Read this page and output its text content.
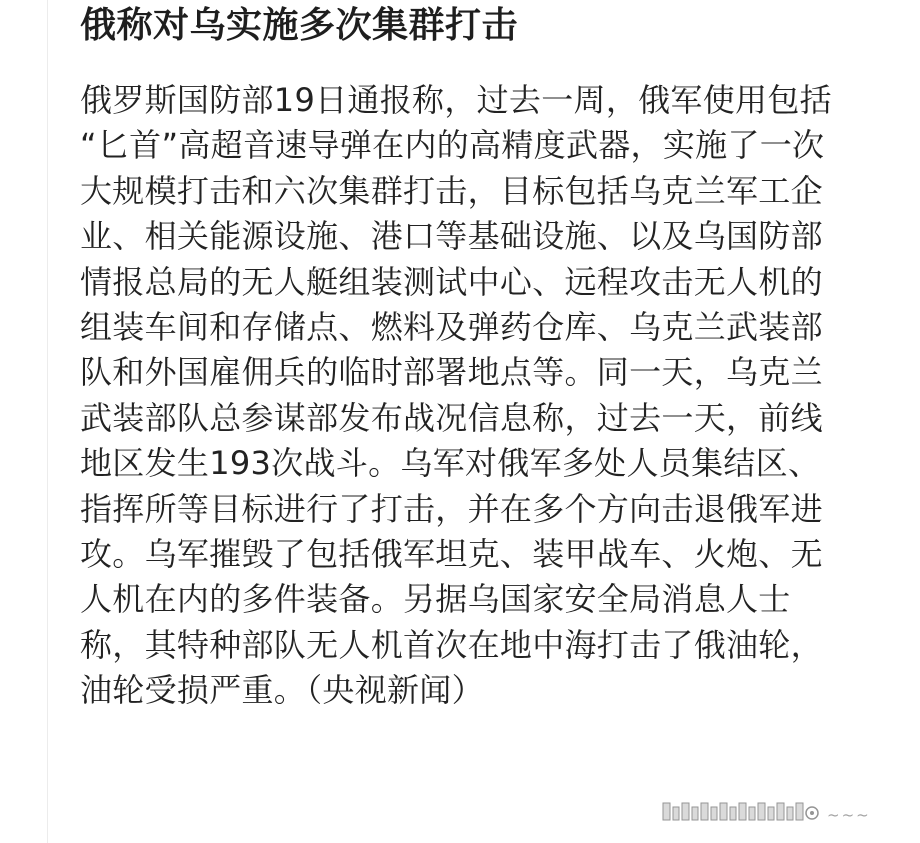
俄称对乌实施多次集群打击
俄罗斯国防部19日通报称，过去一周，俄军使用包括
“匕首”高超音速导弹在内的高精度武器，实施了一次
大规模打击和六次集群打击，目标包括乌克兰军工企
业、相关能源设施、港口等基础设施、以及乌国防部
情报总局的无人艇组装测试中心、远程攻击无人机的
组装车间和存储点、燃料及弹药仓库、乌克兰武装部
队和外国雇佣兵的临时部署地点等。同一天，乌克兰
武装部队总参谋部发布战况信息称，过去一天，前线
地区发生193次战斗。乌军对俄军多处人员集结区、
指挥所等目标进行了打击，并在多个方向击退俄军进
攻。乌军摧毁了包括俄军坦克、装甲战车、火炮、无
人机在内的多件装备。另据乌国家安全局消息人士
称，其特种部队无人机首次在地中海打击了俄油轮，
油轮受损严重。（央视新闻）
~~~
